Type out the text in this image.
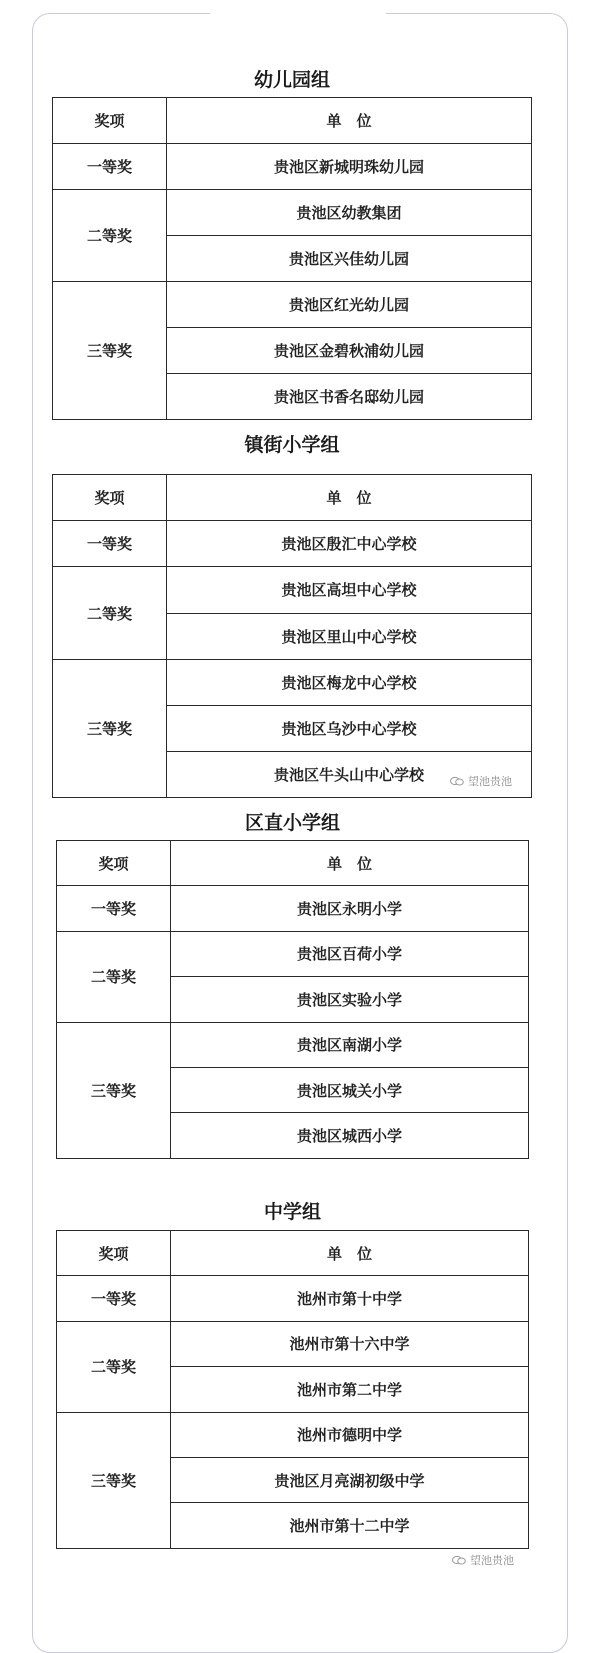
幼儿园组
奖项	单　位
一等奖	贵池区新城明珠幼儿园
二等奖	贵池区幼教集团
	贵池区兴佳幼儿园
三等奖	贵池区红光幼儿园
	贵池区金碧秋浦幼儿园
	贵池区书香名邸幼儿园
镇街小学组
奖项	单　位
一等奖	贵池区殷汇中心学校
二等奖	贵池区高坦中心学校
	贵池区里山中心学校
三等奖	贵池区梅龙中心学校
	贵池区乌沙中心学校
	贵池区牛头山中心学校
区直小学组
奖项	单　位
一等奖	贵池区永明小学
二等奖	贵池区百荷小学
	贵池区实验小学
三等奖	贵池区南湖小学
	贵池区城关小学
	贵池区城西小学
中学组
奖项	单　位
一等奖	池州市第十中学
二等奖	池州市第十六中学
	池州市第二中学
三等奖	池州市德明中学
	贵池区月亮湖初级中学
	池州市第十二中学
望池贵池
望池贵池
